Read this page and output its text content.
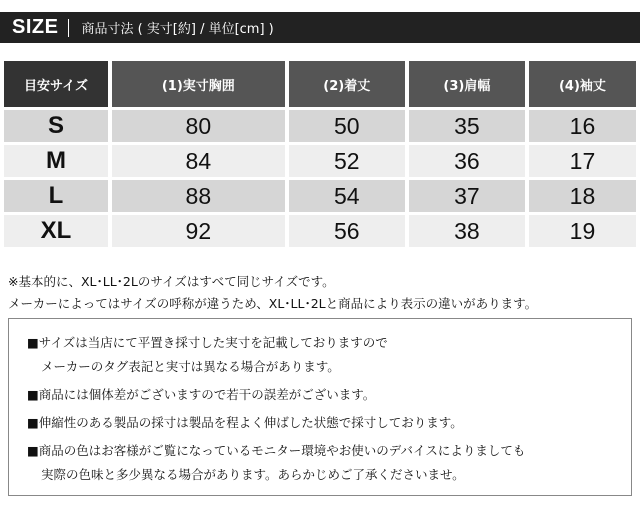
SIZE 商品寸法 ( 実寸[約] / 単位[cm] )
目安サイズ	(1)実寸胸囲	(2)着丈	(3)肩幅	(4)袖丈
S	80	50	35	16
M	84	52	36	17
L	88	54	37	18
XL	92	56	38	19
※基本的に、XL･LL･2Lのサイズはすべて同じサイズです。
メーカーによってはサイズの呼称が違うため、XL･LL･2Lと商品により表示の違いがあります。

■サイズは当店にて平置き採寸した実寸を記載しておりますので

メーカーのタグ表記と実寸は異なる場合があります。

■商品には個体差がございますので若干の誤差がございます。

■伸縮性のある製品の採寸は製品を程よく伸ばした状態で採寸しております。

■商品の色はお客様がご覧になっているモニター環境やお使いのデバイスによりましても

実際の色味と多少異なる場合があります。あらかじめご了承くださいませ。
